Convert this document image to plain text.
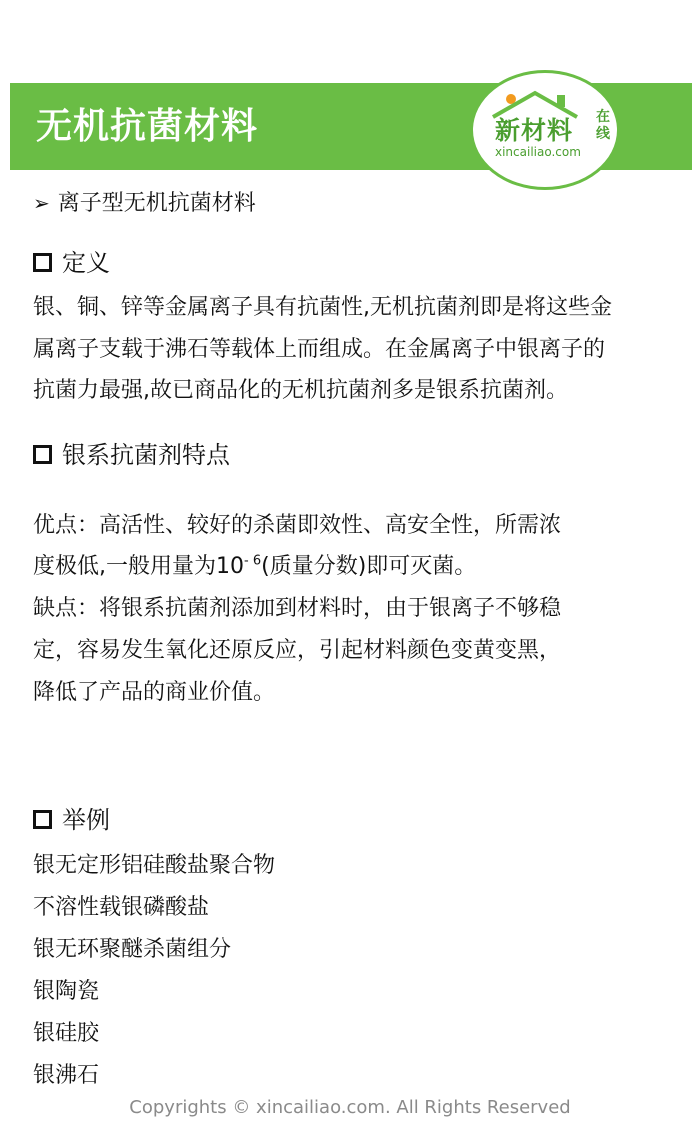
无机抗菌材料	新材料 在线
xincailiao.com
➢ 离子型无机抗菌材料
定义
银、铜、锌等金属离子具有抗菌性,无机抗菌剂即是将这些金
属离子支载于沸石等载体上而组成。在金属离子中银离子的
抗菌力最强,故已商品化的无机抗菌剂多是银系抗菌剂。
银系抗菌剂特点
优点：高活性、较好的杀菌即效性、高安全性，所需浓
度极低,一般用量为$10^{- 6}$(质量分数)即可灭菌。
缺点：将银系抗菌剂添加到材料时，由于银离子不够稳
定，容易发生氧化还原反应，引起材料颜色变黄变黑，
降低了产品的商业价值。
举例
银无定形铝硅酸盐聚合物
不溶性载银磷酸盐
银无环聚醚杀菌组分
银陶瓷
银硅胶
银沸石
Copyrights © xincailiao.com. All Rights Reserved
